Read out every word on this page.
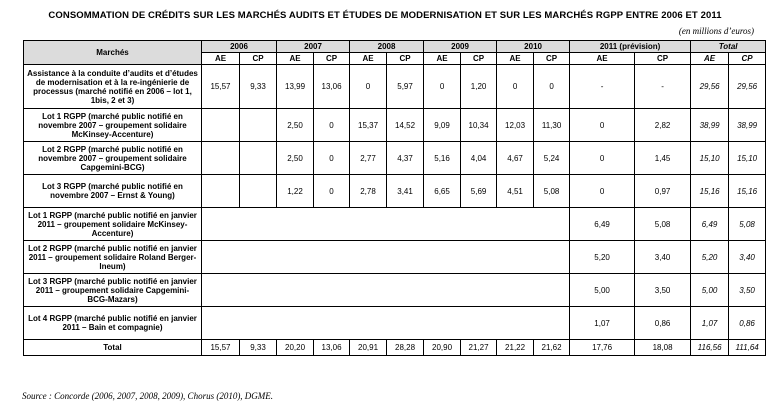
CONSOMMATION DE CRÉDITS SUR LES MARCHÉS AUDITS ET ÉTUDES DE MODERNISATION ET SUR LES MARCHÉS RGPP ENTRE 2006 ET 2011
(en millions d’euros)
Marchés	2006		2007		2008		2009		2010		2011 (prévision)		Total	
	AE	CP	AE	CP	AE	CP	AE	CP	AE	CP	AE	CP	AE	CP
Assistance à la conduite d’audits et d’études de modernisation et à la re-ingénierie de processus (marché notifié en 2006 – lot 1, 1bis, 2 et 3)	15,57	9,33	13,99	13,06	0	5,97	0	1,20	0	0	-	-	29,56	29,56
Lot 1 RGPP (marché public notifié en novembre 2007 – groupement solidaire McKinsey-Accenture)			2,50	0	15,37	14,52	9,09	10,34	12,03	11,30	0	2,82	38,99	38,99
Lot 2 RGPP (marché public notifié en novembre 2007 – groupement solidaire Capgemini-BCG)			2,50	0	2,77	4,37	5,16	4,04	4,67	5,24	0	1,45	15,10	15,10
Lot 3 RGPP (marché public notifié en novembre 2007 – Ernst & Young)			1,22	0	2,78	3,41	6,65	5,69	4,51	5,08	0	0,97	15,16	15,16
Lot 1 RGPP (marché public notifié en janvier 2011 – groupement solidaire McKinsey-Accenture)											6,49	5,08	6,49	5,08
Lot 2 RGPP (marché public notifié en janvier 2011 – groupement solidaire Roland Berger-Ineum)											5,20	3,40	5,20	3,40
Lot 3 RGPP (marché public notifié en janvier 2011 – groupement solidaire Capgemini-BCG-Mazars)											5,00	3,50	5,00	3,50
Lot 4 RGPP (marché public notifié en janvier 2011 – Bain et compagnie)											1,07	0,86	1,07	0,86
Total	15,57	9,33	20,20	13,06	20,91	28,28	20,90	21,27	21,22	21,62	17,76	18,08	116,56	111,64
Source : Concorde (2006, 2007, 2008, 2009), Chorus (2010), DGME.
